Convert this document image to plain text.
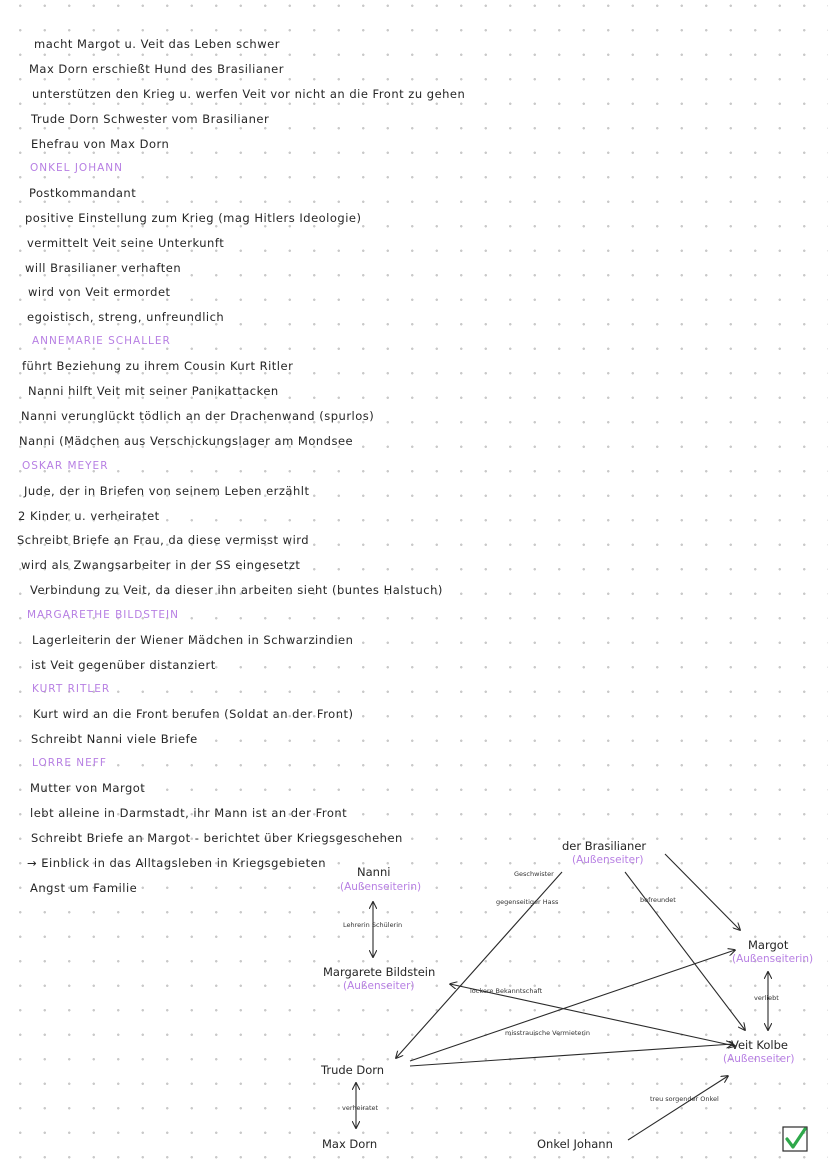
macht Margot u. Veit das Leben schwer
Max Dorn erschießt Hund des Brasilianer
unterstützen den Krieg u. werfen Veit vor nicht an die Front zu gehen
Trude Dorn Schwester vom Brasilianer
Ehefrau von Max Dorn
ONKEL JOHANN
Postkommandant
positive Einstellung zum Krieg (mag Hitlers Ideologie)
vermittelt Veit seine Unterkunft
will Brasilianer verhaften
wird von Veit ermordet
egoistisch, streng, unfreundlich
ANNEMARIE SCHALLER
führt Beziehung zu ihrem Cousin Kurt Ritler
Nanni hilft Veit mit seiner Panikattacken
Nanni verunglückt tödlich an der Drachenwand (spurlos)
Nanni (Mädchen aus Verschickungslager am Mondsee
OSKAR MEYER
Jude, der in Briefen von seinem Leben erzählt
2 Kinder u. verheiratet
Schreibt Briefe an Frau, da diese vermisst wird
wird als Zwangsarbeiter in der SS eingesetzt
Verbindung zu Veit, da dieser ihn arbeiten sieht (buntes Halstuch)
MARGARETHE BILDSTEIN
Lagerleiterin der Wiener Mädchen in Schwarzindien
ist Veit gegenüber distanziert
KURT RITLER
Kurt wird an die Front berufen (Soldat an der Front)
Schreibt Nanni viele Briefe
LORRE NEFF
Mutter von Margot
lebt alleine in Darmstadt, ihr Mann ist an der Front
Schreibt Briefe an Margot - berichtet über Kriegsgeschehen
→ Einblick in das Alltagsleben in Kriegsgebieten
Angst um Familie
Nanni
(Außenseiterin)
der Brasilianer
(Außenseiter)
Margot
(Außenseiterin)
Margarete Bildstein
(Außenseiter)
Veit Kolbe
(Außenseiter)
Trude Dorn
Max Dorn	Onkel Johann
Geschwister
gegenseitiger Hass	befreundet
Lehrerin Schülerin
lockere Bekanntschaft
verliebt
misstrauische Vermieterin
verheiratet
treu sorgender Onkel
